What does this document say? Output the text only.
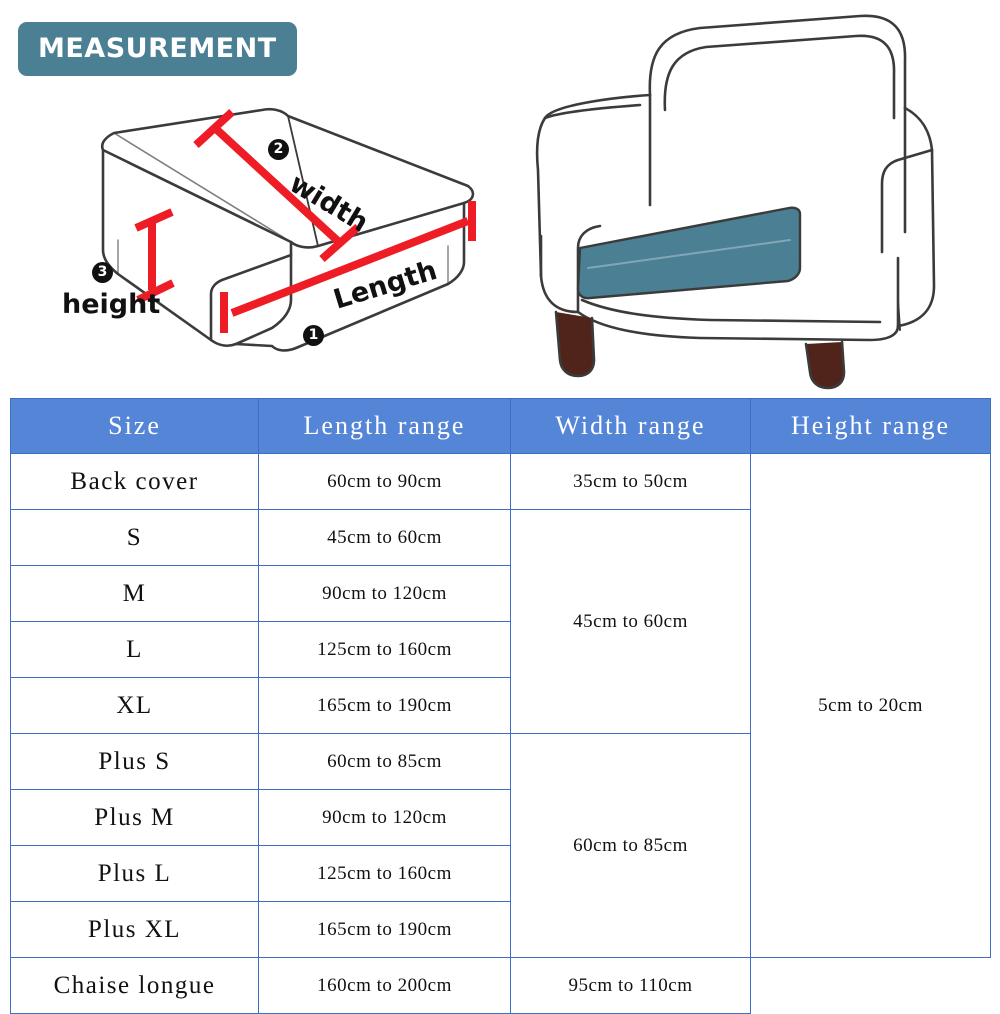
MEASUREMENT
width
Length
height
1
2
3
Size	Length range	Width range	Height range
Back cover	60cm to 90cm	35cm to 50cm	5cm to 20cm
S	45cm to 60cm	45cm to 60cm	
M	90cm to 120cm		
L	125cm to 160cm		
XL	165cm to 190cm		
Plus S	60cm to 85cm	60cm to 85cm	
Plus M	90cm to 120cm		
Plus L	125cm to 160cm		
Plus XL	165cm to 190cm		
Chaise longue	160cm to 200cm	95cm to 110cm	
